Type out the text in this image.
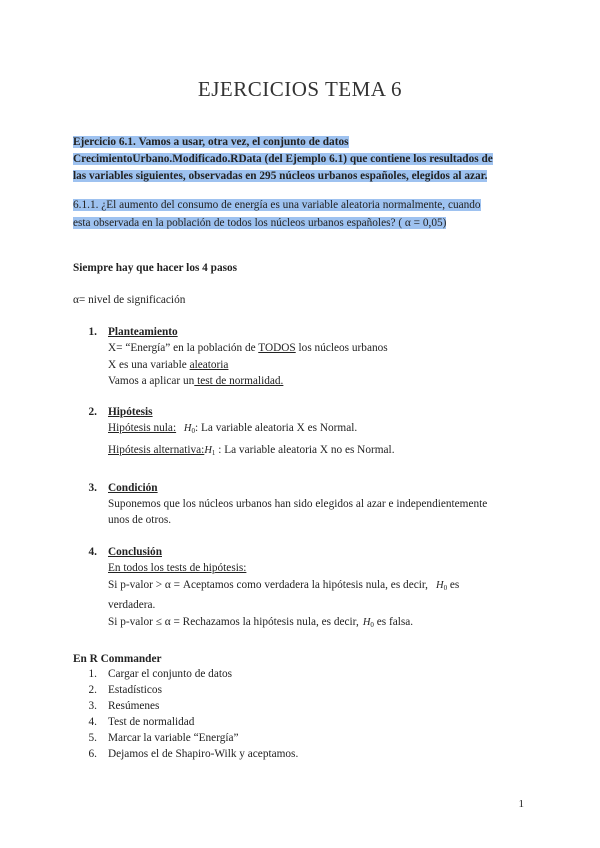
EJERCICIOS TEMA 6
Ejercicio 6.1. Vamos a usar, otra vez, el conjunto de datos
CrecimientoUrbano.Modificado.RData (del Ejemplo 6.1) que contiene los resultados de
las variables siguientes, observadas en 295 núcleos urbanos españoles, elegidos al azar.
6.1.1. ¿El aumento del consumo de energía es una variable aleatoria normalmente, cuando
esta observada en la población de todos los núcleos urbanos españoles? ( α = 0,05)
Siempre hay que hacer los 4 pasos
α= nivel de significación
1. Planteamiento
X= “Energía” en la población de TODOS los núcleos urbanos
X es una variable aleatoria
Vamos a aplicar un test de normalidad.
2. Hipótesis
Hipótesis nula: $H_0$: La variable aleatoria X es Normal.
Hipótesis $alternativa:H_1$ : La variable aleatoria X no es Normal.
3. Condición
Suponemos que los núcleos urbanos han sido elegidos al azar e independientemente
unos de otros.
4. Conclusión
En todos los tests de hipótesis:
Si p-valor > α = Aceptamos como verdadera la hipótesis nula, es decir, $H_0$ es
verdadera.
Si p-valor ≤ α = Rechazamos la hipótesis nula, es decir, $H_0$ es falsa.
En R Commander
1. Cargar el conjunto de datos
2. Estadísticos
3. Resúmenes
4. Test de normalidad
5. Marcar la variable “Energía”
6. Dejamos el de Shapiro-Wilk y aceptamos.
1
